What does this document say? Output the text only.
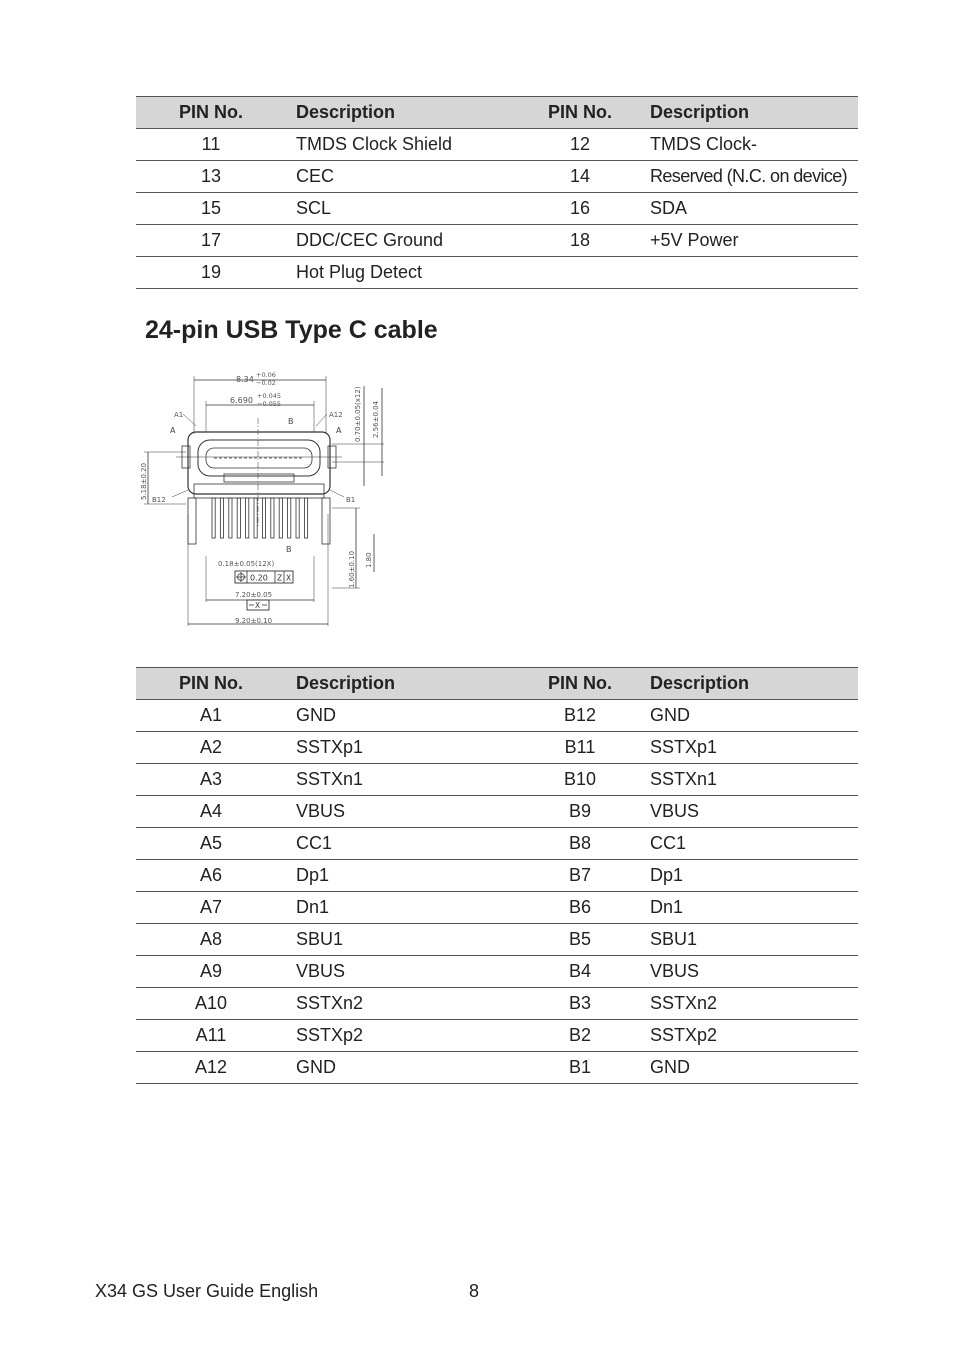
PIN No.	Description	PIN No.	Description
11	TMDS Clock Shield	12	TMDS Clock-
13	CEC	14	Reserved (N.C. on device)
15	SCL	16	SDA
17	DDC/CEC Ground	18	+5V Power
19	Hot Plug Detect		
24-pin USB Type C cable
8.34 +0.06
−0.02
6.690 +0.045
−0.055	0.70±0.05(x12) 2.56±0.04
5.18±0.20
A1	A12
A	A
B
B12	B1
1.60±0.10 1.80
B
0.18±0.05(12X)
0.20 Z X
7.20±0.05
X
9.20±0.10
PIN No.	Description	PIN No.	Description
A1	GND	B12	GND
A2	SSTXp1	B11	SSTXp1
A3	SSTXn1	B10	SSTXn1
A4	VBUS	B9	VBUS
A5	CC1	B8	CC1
A6	Dp1	B7	Dp1
A7	Dn1	B6	Dn1
A8	SBU1	B5	SBU1
A9	VBUS	B4	VBUS
A10	SSTXn2	B3	SSTXn2
A11	SSTXp2	B2	SSTXp2
A12	GND	B1	GND
X34 GS User Guide English	8
